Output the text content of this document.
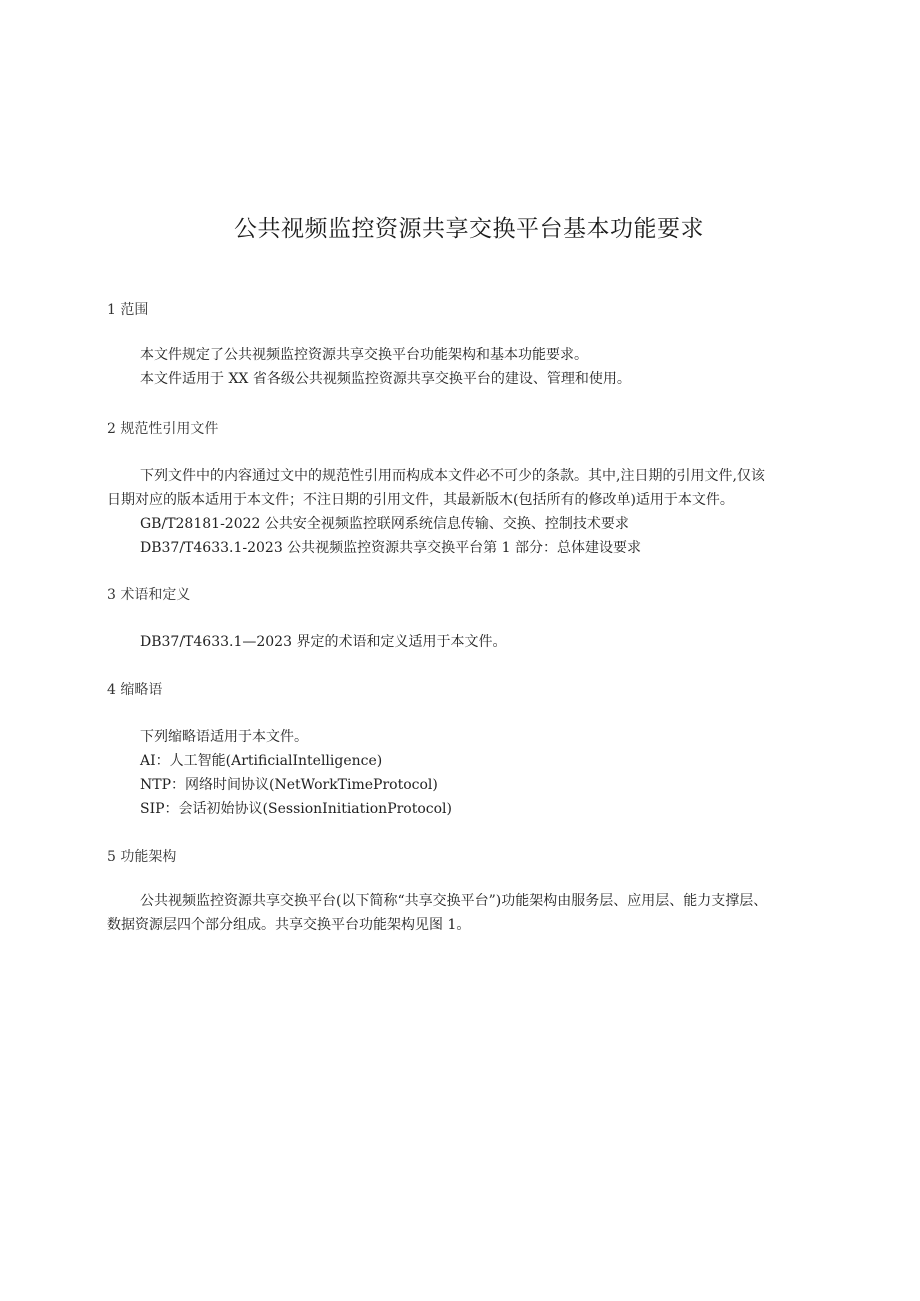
公共视频监控资源共享交换平台基本功能要求
1 范围
本文件规定了公共视频监控资源共享交换平台功能架构和基本功能要求。
本文件适用于 XX 省各级公共视频监控资源共享交换平台的建设、管理和使用。
2 规范性引用文件
下列文件中的内容通过文中的规范性引用而构成本文件必不可少的条款。其中,注日期的引用文件,仅该
日期对应的版本适用于本文件；不注日期的引用文件，其最新版木(包括所有的修改单)适用于本文件。
GB/T28181-2022 公共安全视频监控联网系统信息传输、交换、控制技术要求
DB37/T4633.1-2023 公共视频监控资源共享交换平台第 1 部分：总体建设要求
3 术语和定义
DB37/T4633.1—2023 界定的术语和定义适用于本文件。
4 缩略语
下列缩略语适用于本文件。
AI：人工智能(ArtificialIntelligence)
NTP：网络时间协议(NetWorkTimeProtocol)
SIP：会话初始协议(SessionInitiationProtocol)
5 功能架构
公共视频监控资源共享交换平台(以下简称“共享交换平台”)功能架构由服务层、应用层、能力支撑层、
数据资源层四个部分组成。共享交换平台功能架构见图 1。
